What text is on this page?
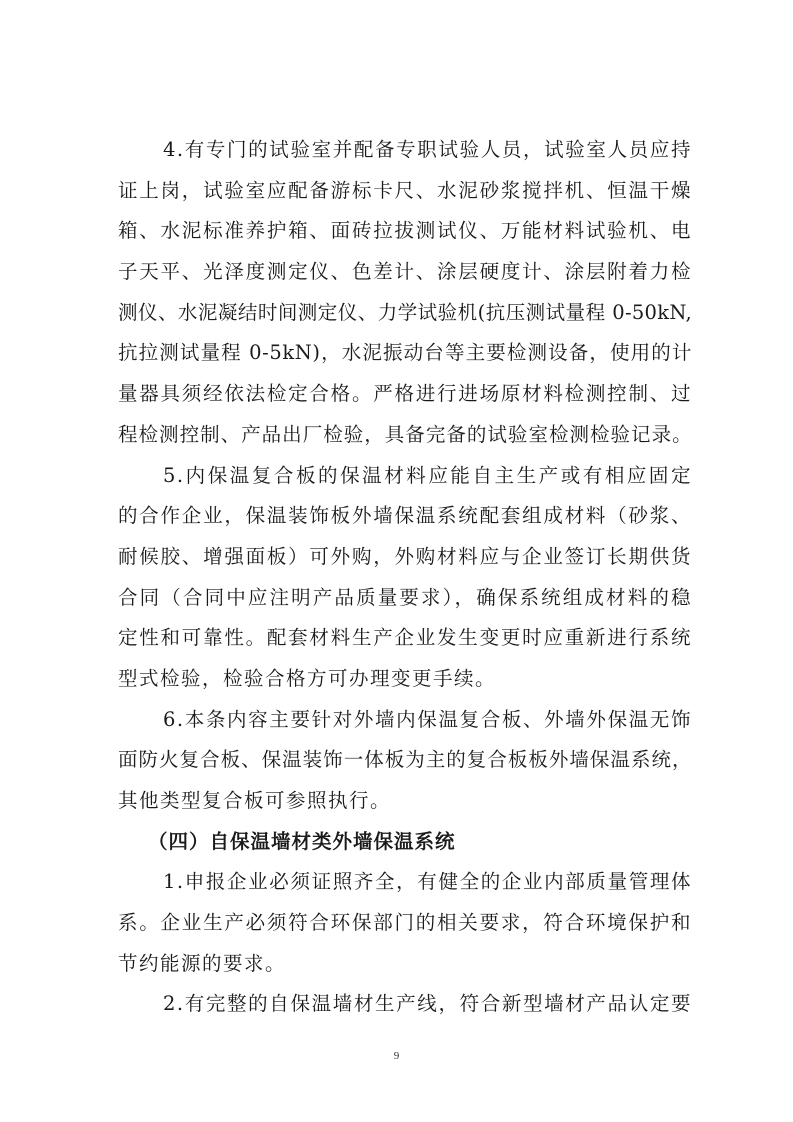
4.有专门的试验室并配备专职试验人员，试验室人员应持
证上岗，试验室应配备游标卡尺、水泥砂浆搅拌机、恒温干燥
箱、水泥标准养护箱、面砖拉拔测试仪、万能材料试验机、电
子天平、光泽度测定仪、色差计、涂层硬度计、涂层附着力检
测仪、水泥凝结时间测定仪、力学试验机(抗压测试量程 0-50kN,
抗拉测试量程 0-5kN)，水泥振动台等主要检测设备，使用的计
量器具须经依法检定合格。严格进行进场原材料检测控制、过
程检测控制、产品出厂检验，具备完备的试验室检测检验记录。
5.内保温复合板的保温材料应能自主生产或有相应固定
的合作企业，保温装饰板外墙保温系统配套组成材料（砂浆、
耐候胶、增强面板）可外购，外购材料应与企业签订长期供货
合同（合同中应注明产品质量要求），确保系统组成材料的稳
定性和可靠性。配套材料生产企业发生变更时应重新进行系统
型式检验，检验合格方可办理变更手续。
6.本条内容主要针对外墙内保温复合板、外墙外保温无饰
面防火复合板、保温装饰一体板为主的复合板板外墙保温系统，
其他类型复合板可参照执行。
（四）自保温墙材类外墙保温系统
1.申报企业必须证照齐全，有健全的企业内部质量管理体
系。企业生产必须符合环保部门的相关要求，符合环境保护和
节约能源的要求。
2.有完整的自保温墙材生产线，符合新型墙材产品认定要
9
